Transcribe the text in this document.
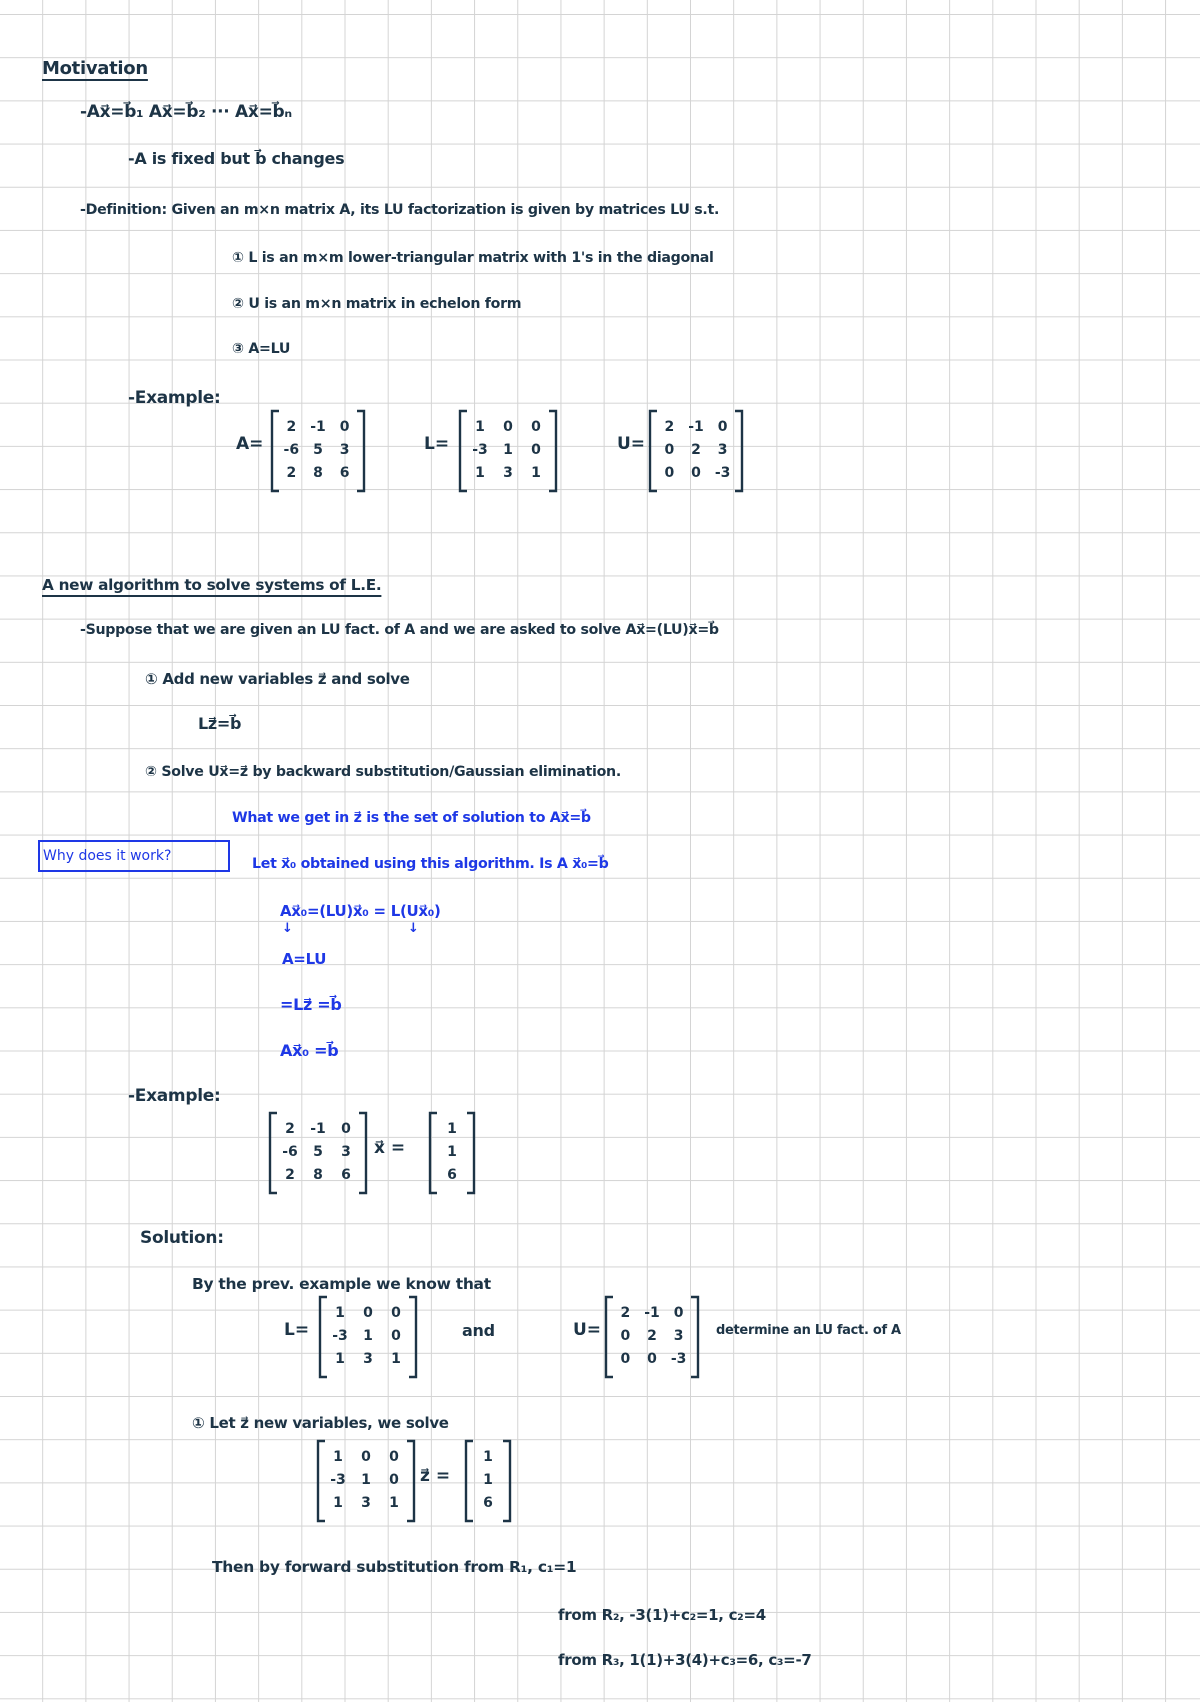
Motivation
-Ax⃗=b⃗₁ Ax⃗=b⃗₂ ··· Ax⃗=b⃗ₙ
-A is fixed but b⃗ changes
-Definition: Given an m×n matrix A, its LU factorization is given by matrices LU s.t.
① L is an m×m lower-triangular matrix with 1's in the diagonal
② U is an m×n matrix in echelon form
③ A=LU
-Example:
A=
2	-1	0
-6	5	3
2	8	6
L=
1	0	0
-3	1	0
1	3	1
U=
2	-1	0
0	2	3
0	0	-3
A new algorithm to solve systems of L.E.
-Suppose that we are given an LU fact. of A and we are asked to solve Ax⃗=(LU)x⃗=b⃗
① Add new variables z⃗ and solve
Lz⃗=b⃗
② Solve Ux⃗=z⃗ by backward substitution/Gaussian elimination.
What we get in z⃗ is the set of solution to Ax⃗=b⃗
Why does it work?	Let x⃗₀ obtained using this algorithm. Is A x⃗₀=b⃗
Ax⃗₀=(LU)x⃗₀ = L(Ux⃗₀)
↓	↓
A=LU
=Lz⃗ =b⃗
Ax⃗₀ =b⃗
-Example:
2	-1	0
-6	5	3
2	8	6
x⃗ =
1
1
6
Solution:
By the prev. example we know that
L=
1	0	0
-3	1	0
1	3	1
and	U=
2	-1	0
0	2	3
0	0	-3
determine an LU fact. of A
① Let z⃗ new variables, we solve
1	0	0
-3	1	0
1	3	1
z⃗ =
1
1
6
Then by forward substitution from R₁, c₁=1
from R₂, -3(1)+c₂=1, c₂=4
from R₃, 1(1)+3(4)+c₃=6, c₃=-7
